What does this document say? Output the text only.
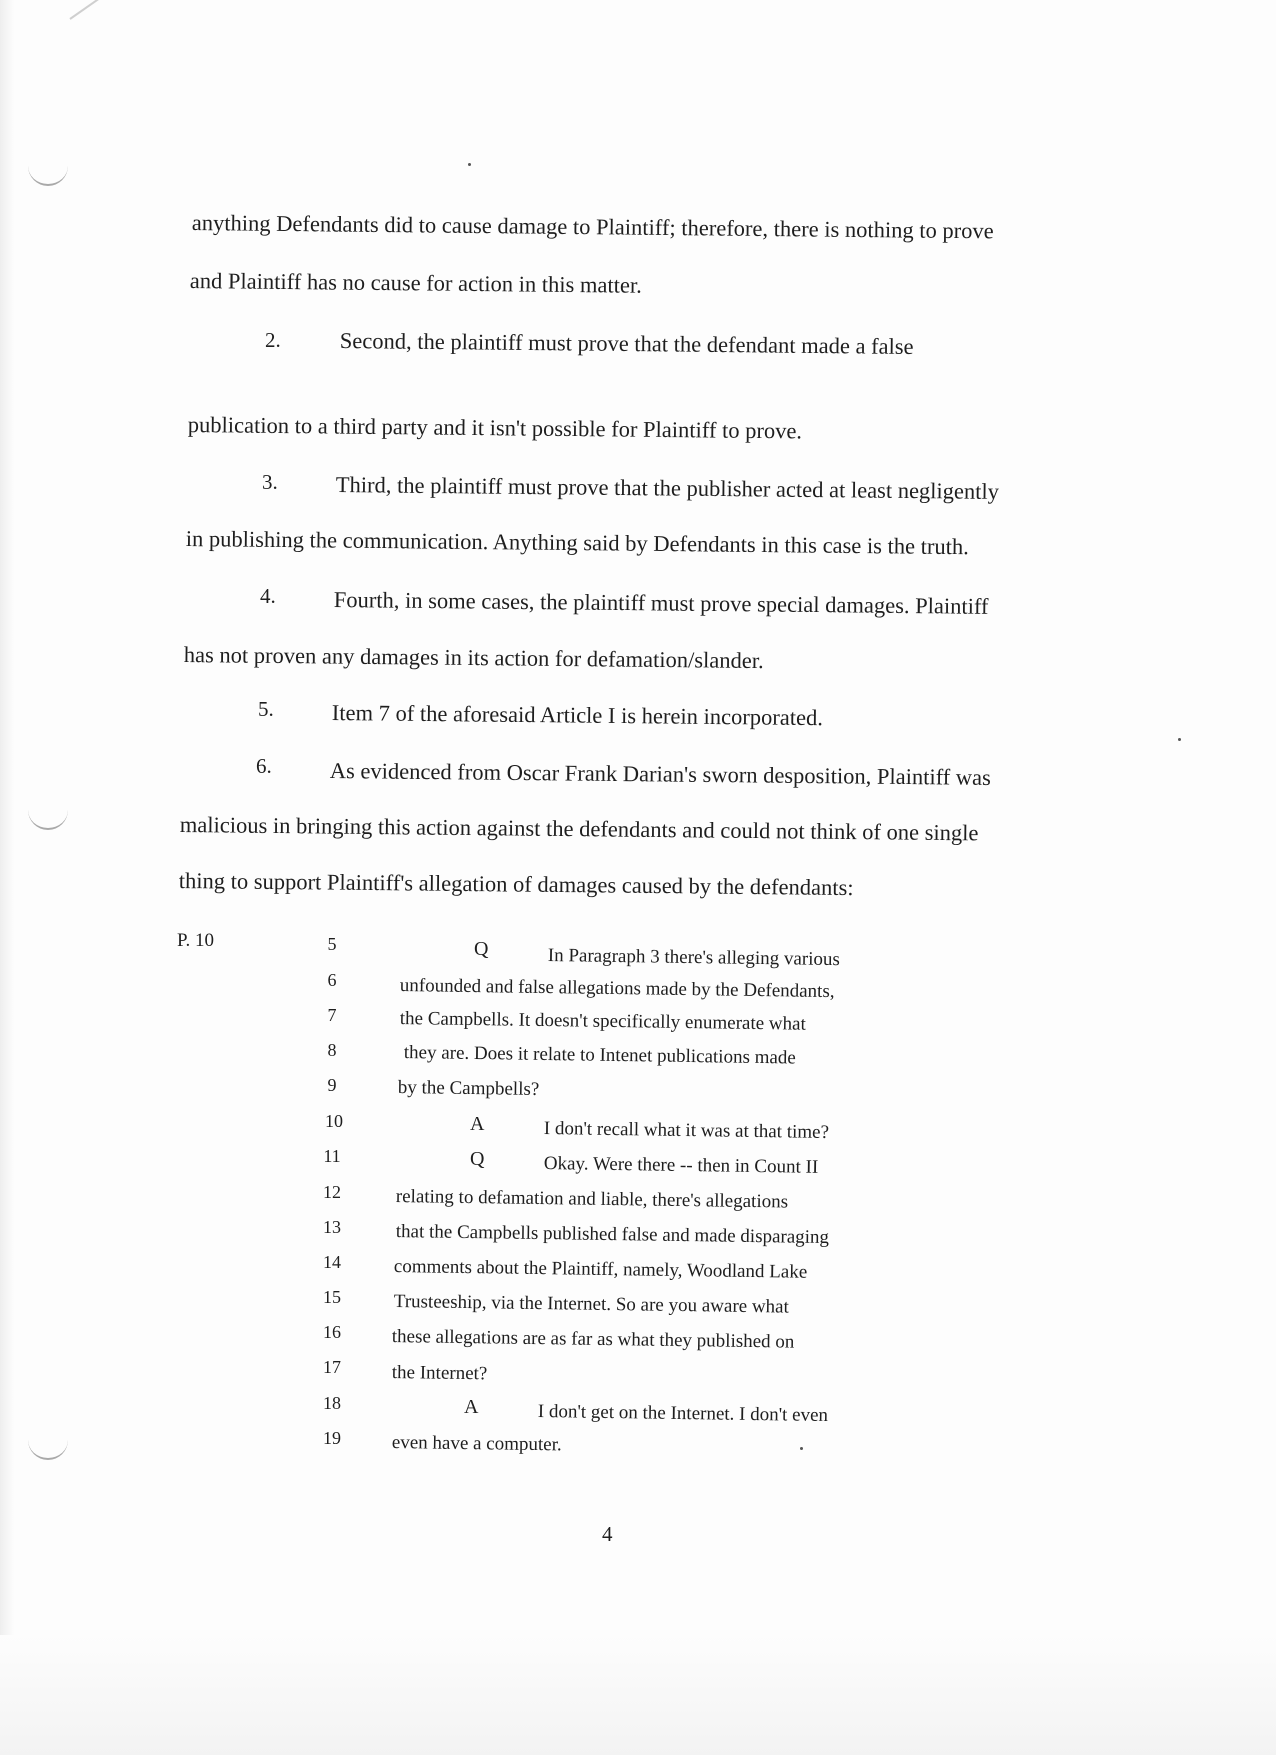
anything Defendants did to cause damage to Plaintiff; therefore, there is nothing to prove
and Plaintiff has no cause for action in this matter.
2.	Second, the plaintiff must prove that the defendant made a false
publication to a third party and it isn't possible for Plaintiff to prove.
3.	Third, the plaintiff must prove that the publisher acted at least negligently
in publishing the communication. Anything said by Defendants in this case is the truth.
4.	Fourth, in some cases, the plaintiff must prove special damages. Plaintiff
has not proven any damages in its action for defamation/slander.
5.	Item 7 of the aforesaid Article I is herein incorporated.
6.	As evidenced from Oscar Frank Darian's sworn desposition, Plaintiff was
malicious in bringing this action against the defendants and could not think of one single
thing to support Plaintiff's allegation of damages caused by the defendants:
P. 10	5	Q	In Paragraph 3 there's alleging various
6	unfounded and false allegations made by the Defendants,
7	the Campbells. It doesn't specifically enumerate what
8	they are. Does it relate to Intenet publications made
9	by the Campbells?
10	A	I don't recall what it was at that time?
11	Q	Okay. Were there -- then in Count II
12	relating to defamation and liable, there's allegations
13	that the Campbells published false and made disparaging
14	comments about the Plaintiff, namely, Woodland Lake
15	Trusteeship, via the Internet. So are you aware what
16	these allegations are as far as what they published on
17	the Internet?
18	A	I don't get on the Internet. I don't even
19	even have a computer.
4
